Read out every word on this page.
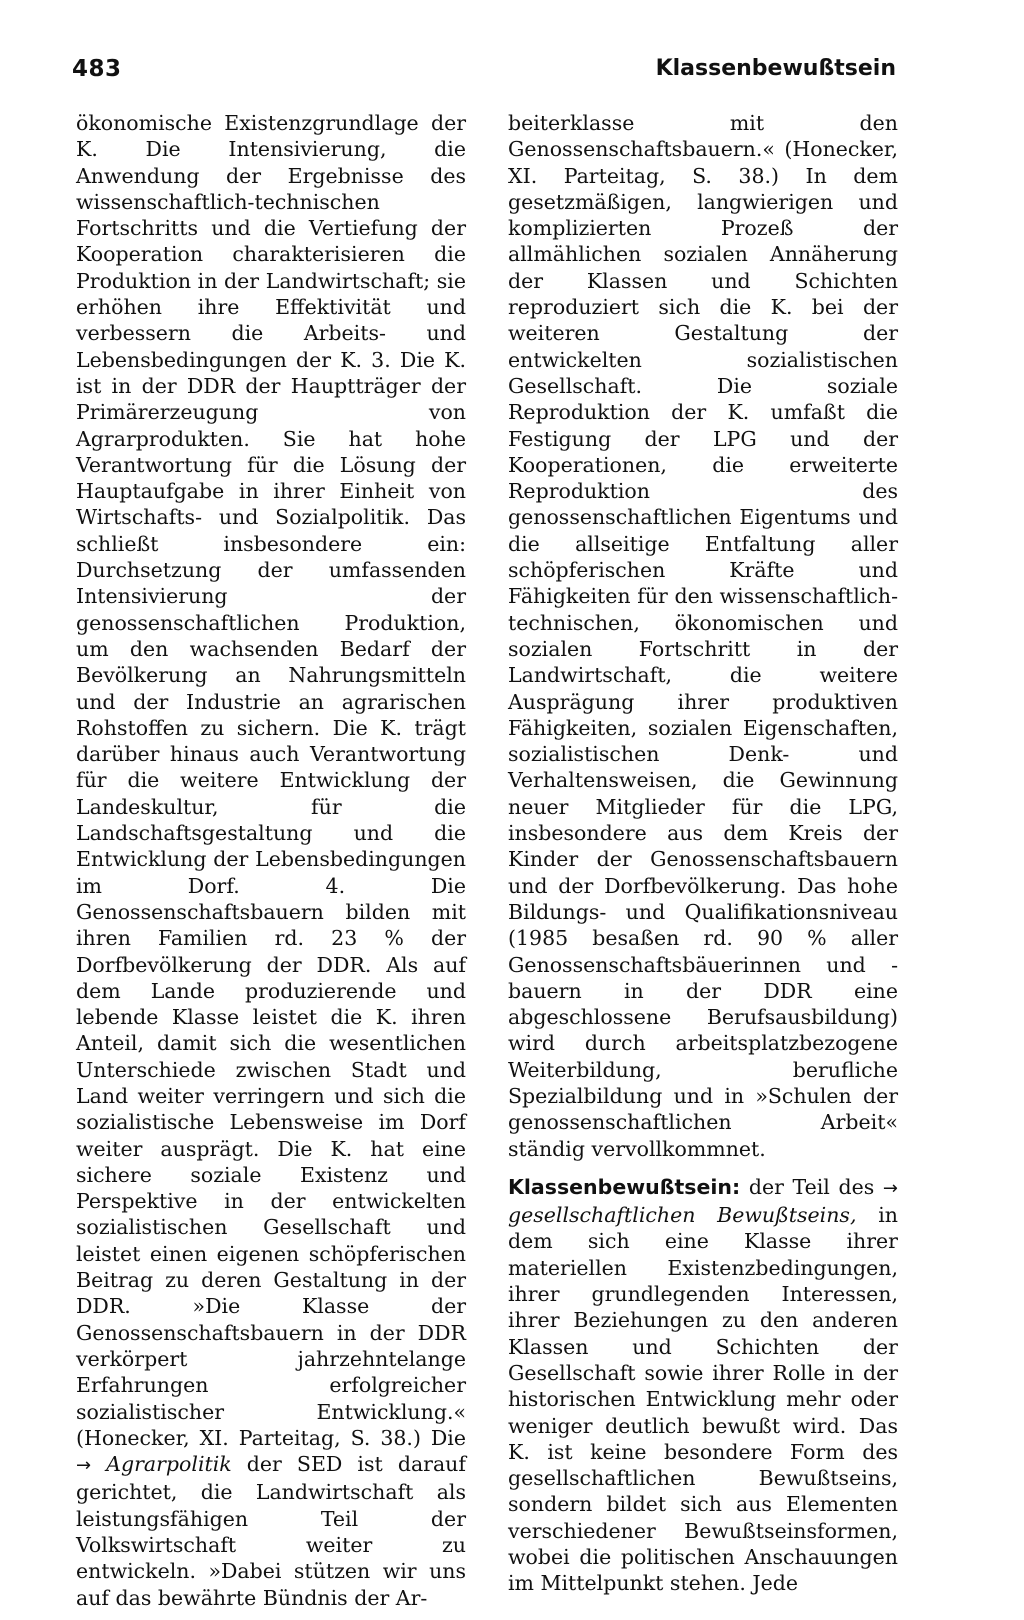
483	Klassenbewußtsein

ökonomische Existenzgrundlage der K. Die Intensivierung, die Anwendung der Ergebnisse des wissenschaftlich-technischen Fortschritts und die Vertiefung der Kooperation charakterisieren die Produktion in der Landwirtschaft; sie erhöhen ihre Effektivität und verbessern die Arbeits- und Lebensbedingungen der K. 3. Die K. ist in der DDR der Hauptträger der Primärerzeugung von Agrarprodukten. Sie hat hohe Verantwortung für die Lösung der Hauptaufgabe in ihrer Einheit von Wirtschafts- und Sozialpolitik. Das schließt insbesondere ein: Durchsetzung der umfassenden Intensivierung der genossenschaftlichen Produktion, um den wachsenden Bedarf der Bevölkerung an Nahrungsmitteln und der Industrie an agrarischen Rohstoffen zu sichern. Die K. trägt darüber hinaus auch Verantwortung für die weitere Entwicklung der Landeskultur, für die Landschaftsgestaltung und die Entwicklung der Lebensbedingungen im Dorf. 4. Die Genossenschaftsbauern bilden mit ihren Familien rd. 23 % der Dorfbevölkerung der DDR. Als auf dem Lande produzierende und lebende Klasse leistet die K. ihren Anteil, damit sich die wesentlichen Unterschiede zwischen Stadt und Land weiter verringern und sich die sozialistische Lebensweise im Dorf weiter ausprägt. Die K. hat eine sichere soziale Existenz und Perspektive in der entwickelten sozialistischen Gesellschaft und leistet einen eigenen schöpferischen Beitrag zu deren Gestaltung in der DDR. »Die Klasse der Genossenschaftsbauern in der DDR verkörpert jahrzehntelange Erfahrungen erfolgreicher sozialistischer Entwicklung.« (Honecker, XI. Parteitag, S. 38.) Die → Agrarpolitik der SED ist darauf gerichtet, die Landwirtschaft als leistungsfähigen Teil der Volkswirtschaft weiter zu entwickeln. »Dabei stützen wir uns auf das bewährte Bündnis der Ar-

beiterklasse mit den Genossenschaftsbauern.« (Honecker, XI. Parteitag, S. 38.) In dem gesetzmäßigen, langwierigen und komplizierten Prozeß der allmählichen sozialen Annäherung der Klassen und Schichten reproduziert sich die K. bei der weiteren Gestaltung der entwickelten sozialistischen Gesellschaft. Die soziale Reproduktion der K. umfaßt die Festigung der LPG und der Kooperationen, die erweiterte Reproduktion des genossenschaftlichen Eigentums und die allseitige Entfaltung aller schöpferischen Kräfte und Fähigkeiten für den wissenschaftlich-technischen, ökonomischen und sozialen Fortschritt in der Landwirtschaft, die weitere Ausprägung ihrer produktiven Fähigkeiten, sozialen Eigenschaften, sozialistischen Denk- und Verhaltensweisen, die Gewinnung neuer Mitglieder für die LPG, insbesondere aus dem Kreis der Kinder der Genossenschaftsbauern und der Dorfbevölkerung. Das hohe Bildungs- und Qualifikationsniveau (1985 besaßen rd. 90 % aller Genossenschaftsbäuerinnen und -bauern in der DDR eine abgeschlossene Berufsausbildung) wird durch arbeitsplatzbezogene Weiterbildung, berufliche Spezialbildung und in »Schulen der genossenschaftlichen Arbeit« ständig vervollkommnet.

Klassenbewußtsein: der Teil des → gesellschaftlichen Bewußtseins, in dem sich eine Klasse ihrer materiellen Existenzbedingungen, ihrer grundlegenden Interessen, ihrer Beziehungen zu den anderen Klassen und Schichten der Gesellschaft sowie ihrer Rolle in der historischen Entwicklung mehr oder weniger deutlich bewußt wird. Das K. ist keine besondere Form des gesellschaftlichen Bewußtseins, sondern bildet sich aus Elementen verschiedener Bewußtseinsformen, wobei die politischen Anschauungen im Mittelpunkt stehen. Jede
